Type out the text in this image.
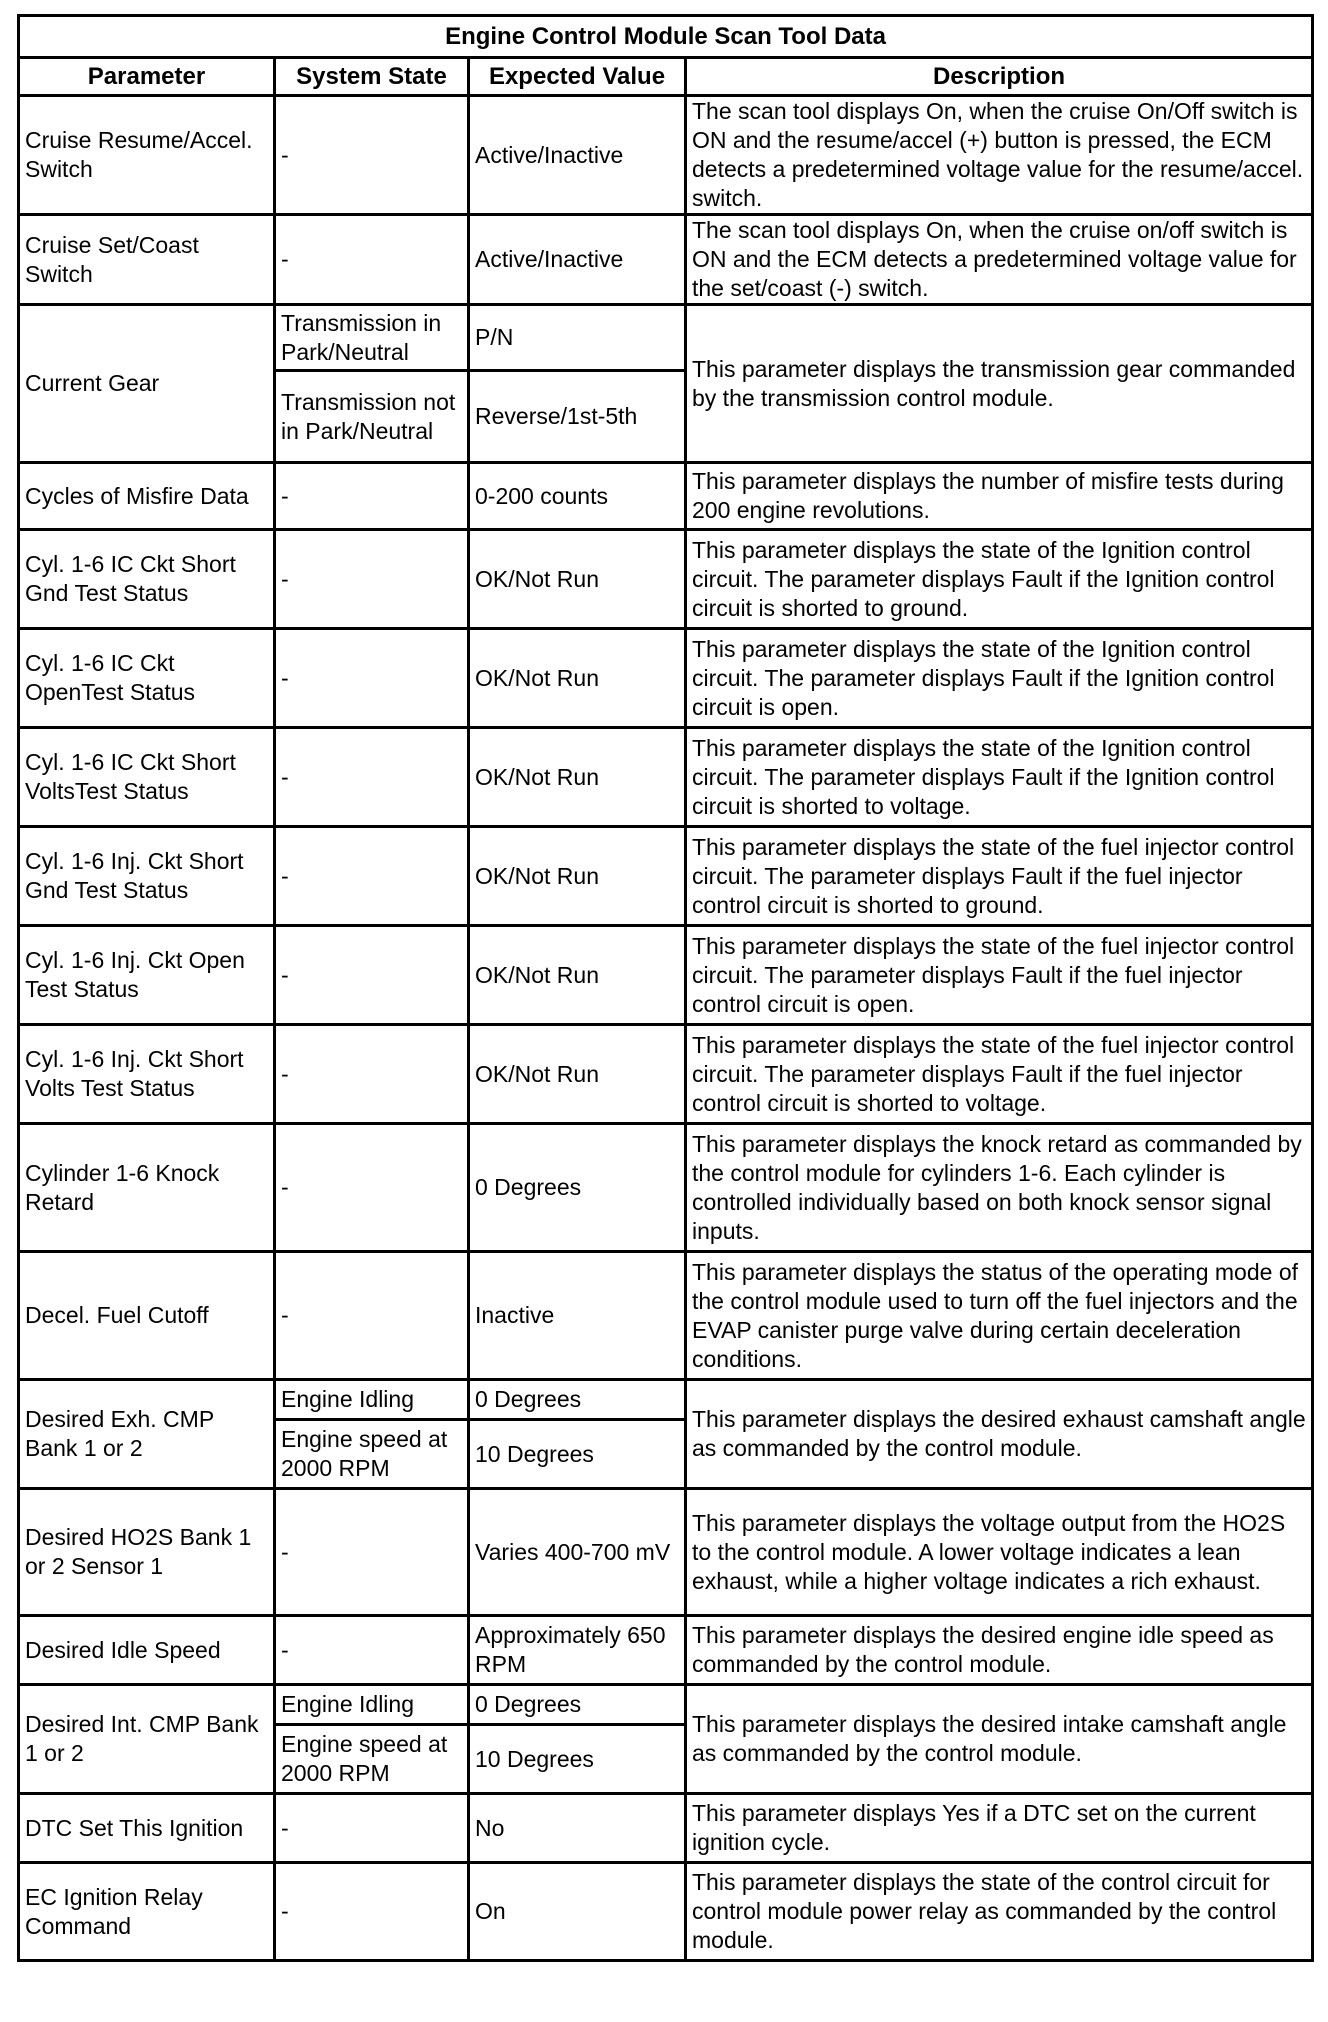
Engine Control Module Scan Tool Data			
Parameter	System State	Expected Value	Description
Cruise Resume/Accel. Switch	-	Active/Inactive	The scan tool displays On, when the cruise On/Off switch is ON and the resume/accel (+) button is pressed, the ECM detects a predetermined voltage value for the resume/accel. switch.
Cruise Set/Coast Switch	-	Active/Inactive	The scan tool displays On, when the cruise on/off switch is ON and the ECM detects a predetermined voltage value for the set/coast (-) switch.
Current Gear	Transmission in Park/Neutral	P/N	This parameter displays the transmission gear commanded by the transmission control module.
	Transmission not in Park/Neutral	Reverse/1st-5th	
Cycles of Misfire Data	-	0-200 counts	This parameter displays the number of misfire tests during 200 engine revolutions.
Cyl. 1-6 IC Ckt Short Gnd Test Status	-	OK/Not Run	This parameter displays the state of the Ignition control circuit. The parameter displays Fault if the Ignition control circuit is shorted to ground.
Cyl. 1-6 IC Ckt OpenTest Status	-	OK/Not Run	This parameter displays the state of the Ignition control circuit. The parameter displays Fault if the Ignition control circuit is open.
Cyl. 1-6 IC Ckt Short VoltsTest Status	-	OK/Not Run	This parameter displays the state of the Ignition control circuit. The parameter displays Fault if the Ignition control circuit is shorted to voltage.
Cyl. 1-6 Inj. Ckt Short Gnd Test Status	-	OK/Not Run	This parameter displays the state of the fuel injector control circuit. The parameter displays Fault if the fuel injector control circuit is shorted to ground.
Cyl. 1-6 Inj. Ckt Open Test Status	-	OK/Not Run	This parameter displays the state of the fuel injector control circuit. The parameter displays Fault if the fuel injector control circuit is open.
Cyl. 1-6 Inj. Ckt Short Volts Test Status	-	OK/Not Run	This parameter displays the state of the fuel injector control circuit. The parameter displays Fault if the fuel injector control circuit is shorted to voltage.
Cylinder 1-6 Knock Retard	-	0 Degrees	This parameter displays the knock retard as commanded by the control module for cylinders 1-6. Each cylinder is controlled individually based on both knock sensor signal inputs.
Decel. Fuel Cutoff	-	Inactive	This parameter displays the status of the operating mode of the control module used to turn off the fuel injectors and the EVAP canister purge valve during certain deceleration conditions.
Desired Exh. CMP Bank 1 or 2	Engine Idling	0 Degrees	This parameter displays the desired exhaust camshaft angle as commanded by the control module.
	Engine speed at 2000 RPM	10 Degrees	
Desired HO2S Bank 1 or 2 Sensor 1	-	Varies 400-700 mV	This parameter displays the voltage output from the HO2S to the control module. A lower voltage indicates a lean exhaust, while a higher voltage indicates a rich exhaust.
Desired Idle Speed	-	Approximately 650 RPM	This parameter displays the desired engine idle speed as commanded by the control module.
Desired Int. CMP Bank 1 or 2	Engine Idling	0 Degrees	This parameter displays the desired intake camshaft angle as commanded by the control module.
	Engine speed at 2000 RPM	10 Degrees	
DTC Set This Ignition	-	No	This parameter displays Yes if a DTC set on the current ignition cycle.
EC Ignition Relay Command	-	On	This parameter displays the state of the control circuit for control module power relay as commanded by the control module.
